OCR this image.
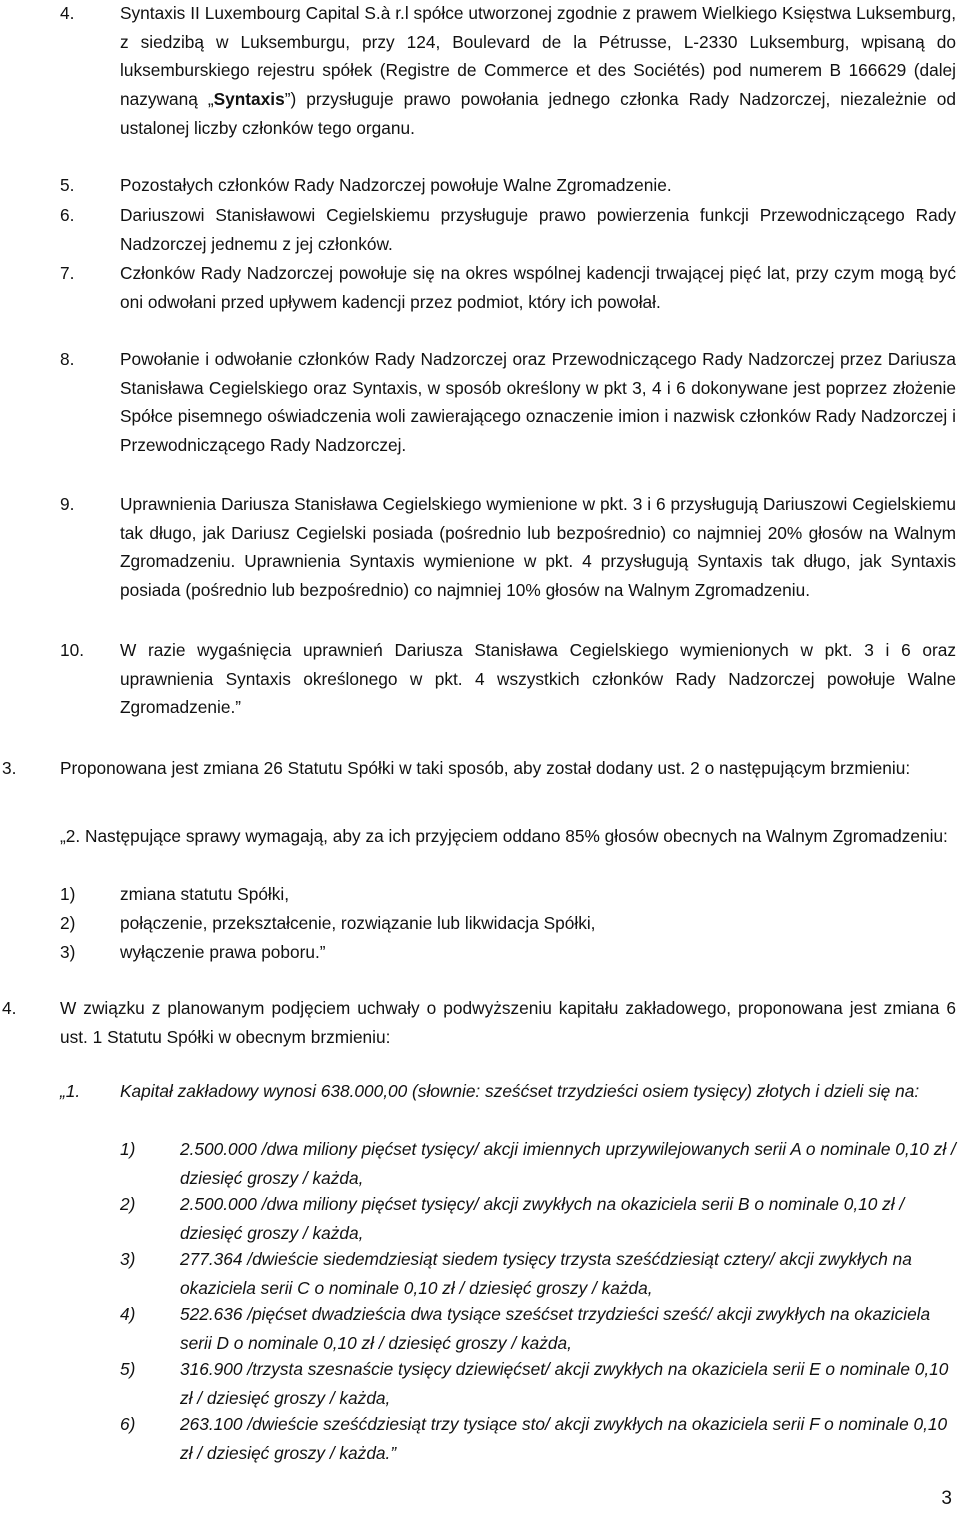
4.	Syntaxis II Luxembourg Capital S.à r.l spółce utworzonej zgodnie z prawem Wielkiego Księstwa Luksemburg, z siedzibą w Luksemburgu, przy 124, Boulevard de la Pétrusse, L-2330 Luksemburg, wpisaną do luksemburskiego rejestru spółek (Registre de Commerce et des Sociétés) pod numerem B 166629 (dalej nazywaną „Syntaxis”) przysługuje prawo powołania jednego członka Rady Nadzorczej, niezależnie od ustalonej liczby członków tego organu.
5.	Pozostałych członków Rady Nadzorczej powołuje Walne Zgromadzenie.
6.	Dariuszowi Stanisławowi Cegielskiemu przysługuje prawo powierzenia funkcji Przewodniczącego Rady Nadzorczej jednemu z jej członków.
7.	Członków Rady Nadzorczej powołuje się na okres wspólnej kadencji trwającej pięć lat, przy czym mogą być oni odwołani przed upływem kadencji przez podmiot, który ich powołał.
8.	Powołanie i odwołanie członków Rady Nadzorczej oraz Przewodniczącego Rady Nadzorczej przez Dariusza Stanisława Cegielskiego oraz Syntaxis, w sposób określony w pkt 3, 4 i 6 dokonywane jest poprzez złożenie Spółce pisemnego oświadczenia woli zawierającego oznaczenie imion i nazwisk członków Rady Nadzorczej i Przewodniczącego Rady Nadzorczej.
9.	Uprawnienia Dariusza Stanisława Cegielskiego wymienione w pkt. 3 i 6 przysługują Dariuszowi Cegielskiemu tak długo, jak Dariusz Cegielski posiada (pośrednio lub bezpośrednio) co najmniej 20% głosów na Walnym Zgromadzeniu. Uprawnienia Syntaxis wymienione w pkt. 4 przysługują Syntaxis tak długo, jak Syntaxis posiada (pośrednio lub bezpośrednio) co najmniej 10% głosów na Walnym Zgromadzeniu.
10. W razie wygaśnięcia uprawnień Dariusza Stanisława Cegielskiego wymienionych w pkt. 3 i 6 oraz uprawnienia Syntaxis określonego w pkt. 4 wszystkich członków Rady Nadzorczej powołuje Walne Zgromadzenie.”
3.	Proponowana jest zmiana 26 Statutu Spółki w taki sposób, aby został dodany ust. 2 o następującym brzmieniu:
„2. Następujące sprawy wymagają, aby za ich przyjęciem oddano 85% głosów obecnych na Walnym Zgromadzeniu:
1)	zmiana statutu Spółki,
2)	połączenie, przekształcenie, rozwiązanie lub likwidacja Spółki,
3)	wyłączenie prawa poboru.”
4.	W związku z planowanym podjęciem uchwały o podwyższeniu kapitału zakładowego, proponowana jest zmiana 6 ust. 1 Statutu Spółki w obecnym brzmieniu:
„1. Kapitał zakładowy wynosi 638.000,00 (słownie: sześćset trzydzieści osiem tysięcy) złotych i dzieli się na:
1)	2.500.000 /dwa miliony pięćset tysięcy/ akcji imiennych uprzywilejowanych serii A o nominale 0,10 zł / dziesięć groszy / każda,
2)	2.500.000 /dwa miliony pięćset tysięcy/ akcji zwykłych na okaziciela serii B o nominale 0,10 zł / dziesięć groszy / każda,
3)	277.364 /dwieście siedemdziesiąt siedem tysięcy trzysta sześćdziesiąt cztery/ akcji zwykłych na okaziciela serii C o nominale 0,10 zł / dziesięć groszy / każda,
4)	522.636 /pięćset dwadzieścia dwa tysiące sześćset trzydzieści sześć/ akcji zwykłych na okaziciela serii D o nominale 0,10 zł / dziesięć groszy / każda,
5)	316.900 /trzysta szesnaście tysięcy dziewięćset/ akcji zwykłych na okaziciela serii E o nominale 0,10 zł / dziesięć groszy / każda,
6)	263.100 /dwieście sześćdziesiąt trzy tysiące sto/ akcji zwykłych na okaziciela serii F o nominale 0,10 zł / dziesięć groszy / każda.”
3
